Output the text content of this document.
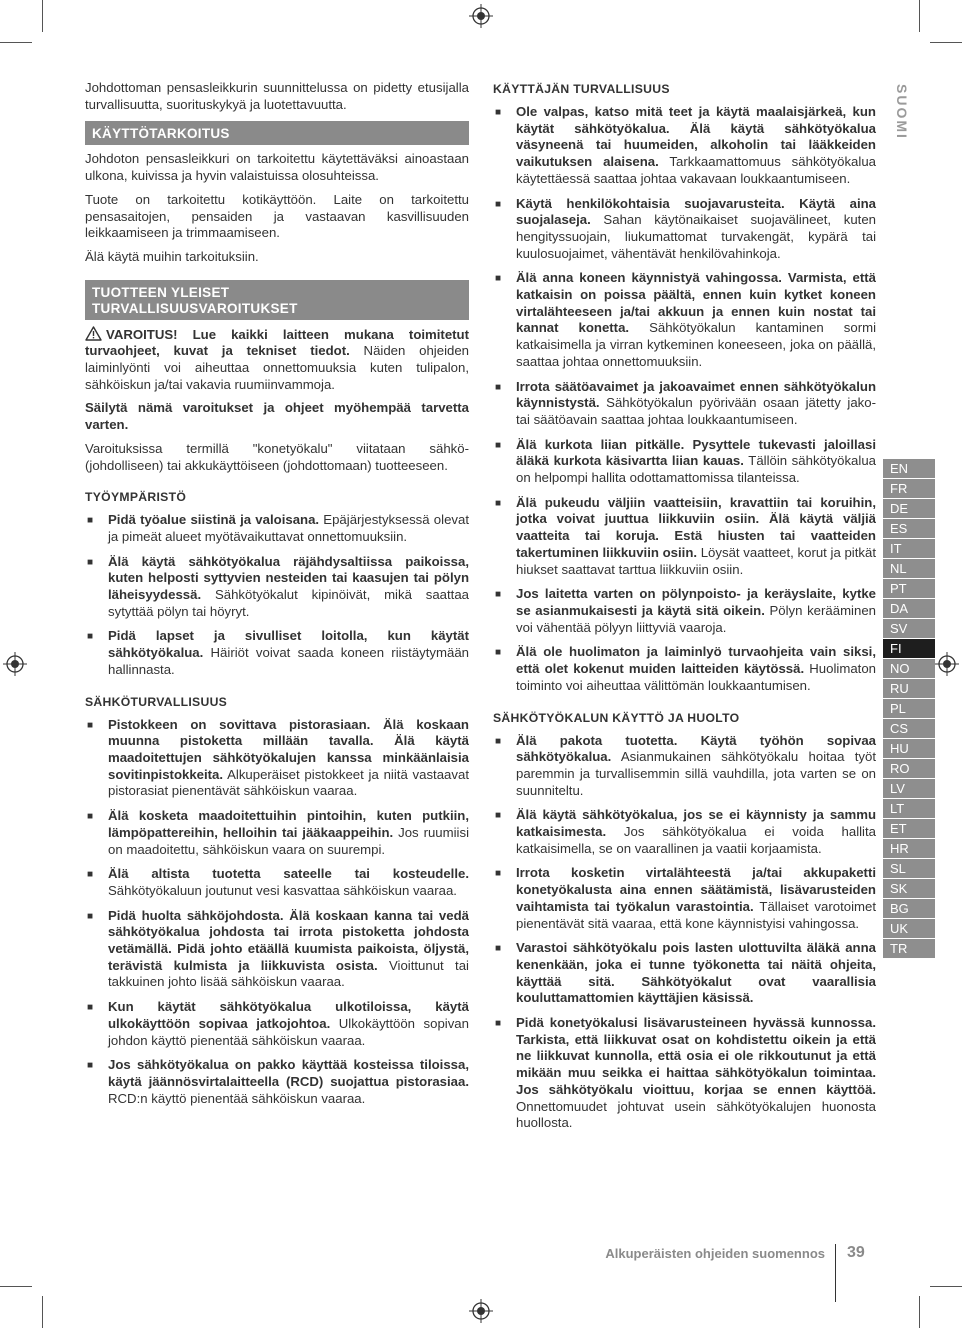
Johdottoman pensasleikkurin suunnittelussa on pidetty etusijalla turvallisuutta, suorituskykyä ja luotettavuutta.

KÄYTTÖTARKOITUS

Johdoton pensasleikkuri on tarkoitettu käytettäväksi ainoastaan ulkona, kuivissa ja hyvin valaistuissa olosuhteissa.

Tuote on tarkoitettu kotikäyttöön. Laite on tarkoitettu pensasaitojen, pensaiden ja vastaavan kasvillisuuden leikkaamiseen ja trimmaamiseen.

Älä käytä muihin tarkoituksiin.

TUOTTEEN YLEISET
TURVALLISUUSVAROITUKSET

VAROITUS! Lue kaikki laitteen mukana toimitetut turvaohjeet, kuvat ja tekniset tiedot. Näiden ohjeiden laiminlyönti voi aiheuttaa onnettomuuksia kuten tulipalon, sähköiskun ja/tai vakavia ruumiinvammoja.

Säilytä nämä varoitukset ja ohjeet myöhempää tarvetta varten.

Varoituksissa termillä "konetyökalu" viitataan sähkö- (johdolliseen) tai akkukäyttöiseen (johdottomaan) tuotteeseen.

TYÖYMPÄRISTÖ
■ Pidä työalue siistinä ja valoisana. Epäjärjestyksessä olevat ja pimeät alueet myötävaikuttavat onnettomuuksiin.
■ Älä käytä sähkötyökalua räjähdysaltiissa paikoissa, kuten helposti syttyvien nesteiden tai kaasujen tai pölyn läheisyydessä. Sähkötyökalut kipinöivät, mikä saattaa sytyttää pölyn tai höyryt.
■ Pidä lapset ja sivulliset loitolla, kun käytät sähkötyökalua. Häiriöt voivat saada koneen riistäytymään hallinnasta.
SÄHKÖTURVALLISUUS
■ Pistokkeen on sovittava pistorasiaan. Älä koskaan muunna pistoketta millään tavalla. Älä käytä maadoitettujen sähkötyökalujen kanssa minkäänlaisia sovitinpistokkeita. Alkuperäiset pistokkeet ja niitä vastaavat pistorasiat pienentävät sähköiskun vaaraa.
■ Älä kosketa maadoitettuihin pintoihin, kuten putkiin, lämpöpattereihin, helloihin tai jääkaappeihin. Jos ruumiisi on maadoitettu, sähköiskun vaara on suurempi.
■ Älä altista tuotetta sateelle tai kosteudelle. Sähkötyökaluun joutunut vesi kasvattaa sähköiskun vaaraa.
■ Pidä huolta sähköjohdosta. Älä koskaan kanna tai vedä sähkötyökalua johdosta tai irrota pistoketta johdosta vetämällä. Pidä johto etäällä kuumista paikoista, öljystä, terävistä kulmista ja liikkuvista osista. Vioittunut tai takkuinen johto lisää sähköiskun vaaraa.
■ Kun käytät sähkötyökalua ulkotiloissa, käytä ulkokäyttöön sopivaa jatkojohtoa. Ulkokäyttöön sopivan johdon käyttö pienentää sähköiskun vaaraa.
■ Jos sähkötyökalua on pakko käyttää kosteissa tiloissa, käytä jäännösvirtalaitteella (RCD) suojattua pistorasiaa. RCD:n käyttö pienentää sähköiskun vaaraa.
KÄYTTÄJÄN TURVALLISUUS
■ Ole valpas, katso mitä teet ja käytä maalaisjärkeä, kun käytät sähkötyökalua. Älä käytä sähkötyökalua väsyneenä tai huumeiden, alkoholin tai lääkkeiden vaikutuksen alaisena. Tarkkaamattomuus sähkötyökalua käytettäessä saattaa johtaa vakavaan loukkaantumiseen.
■ Käytä henkilökohtaisia suojavarusteita. Käytä aina suojalaseja. Sahan käytönaikaiset suojavälineet, kuten hengityssuojain, liukumattomat turvakengät, kypärä tai kuulosuojaimet, vähentävät henkilövahinkoja.
■ Älä anna koneen käynnistyä vahingossa. Varmista, että katkaisin on poissa päältä, ennen kuin kytket koneen virtalähteeseen ja/tai akkuun ja ennen kuin nostat tai kannat konetta. Sähkötyökalun kantaminen sormi katkaisimella ja virran kytkeminen koneeseen, joka on päällä, saattaa johtaa onnettomuuksiin.
■ Irrota säätöavaimet ja jakoavaimet ennen sähkötyökalun käynnistystä. Sähkötyökalun pyörivään osaan jätetty jako- tai säätöavain saattaa johtaa loukkaantumiseen.
■ Älä kurkota liian pitkälle. Pysyttele tukevasti jaloillasi äläkä kurkota käsivartta liian kauas. Tällöin sähkötyökalua on helpompi hallita odottamattomissa tilanteissa.
■ Älä pukeudu väljiin vaatteisiin, kravattiin tai koruihin, jotka voivat juuttua liikkuviin osiin. Älä käytä väljiä vaatteita tai koruja. Estä hiusten tai vaatteiden takertuminen liikkuviin osiin. Löysät vaatteet, korut ja pitkät hiukset saattavat tarttua liikkuviin osiin.
■ Jos laitetta varten on pölynpoisto- ja keräyslaite, kytke se asianmukaisesti ja käytä sitä oikein. Pölyn kerääminen voi vähentää pölyyn liittyviä vaaroja.
■ Älä ole huolimaton ja laiminlyö turvaohjeita vain siksi, että olet kokenut muiden laitteiden käytössä. Huolimaton toiminto voi aiheuttaa välittömän loukkaantumisen.
SÄHKÖTYÖKALUN KÄYTTÖ JA HUOLTO
■ Älä pakota tuotetta. Käytä työhön sopivaa sähkötyökalua. Asianmukainen sähkötyökalu hoitaa työt paremmin ja turvallisemmin sillä vauhdilla, jota varten se on suunniteltu.
■ Älä käytä sähkötyökalua, jos se ei käynnisty ja sammu katkaisimesta. Jos sähkötyökalua ei voida hallita katkaisimella, se on vaarallinen ja vaatii korjaamista.
■ Irrota kosketin virtalähteestä ja/tai akkupaketti konetyökalusta aina ennen säätämistä, lisävarusteiden vaihtamista tai työkalun varastointia. Tällaiset varotoimet pienentävät sitä vaaraa, että kone käynnistyisi vahingossa.
■ Varastoi sähkötyökalu pois lasten ulottuvilta äläkä anna kenenkään, joka ei tunne työkonetta tai näitä ohjeita, käyttää sitä. Sähkötyökalut ovat vaarallisia kouluttamattomien käyttäjien käsissä.
■ Pidä konetyökalusi lisävarusteineen hyvässä kunnossa. Tarkista, että liikkuvat osat on kohdistettu oikein ja että ne liikkuvat kunnolla, että osia ei ole rikkoutunut ja että mikään muu seikka ei haittaa sähkötyökalun toimintaa. Jos sähkötyökalu vioittuu, korjaa se ennen käyttöä. Onnettomuudet johtuvat usein sähkötyökalujen huonosta huollosta.
SUOMI
EN
FR
DE
ES
IT
NL
PT
DA
SV
FI
NO
RU
PL
CS
HU
RO
LV
LT
ET
HR
SL
SK
BG
UK
TR
Alkuperäisten ohjeiden suomennos 39
